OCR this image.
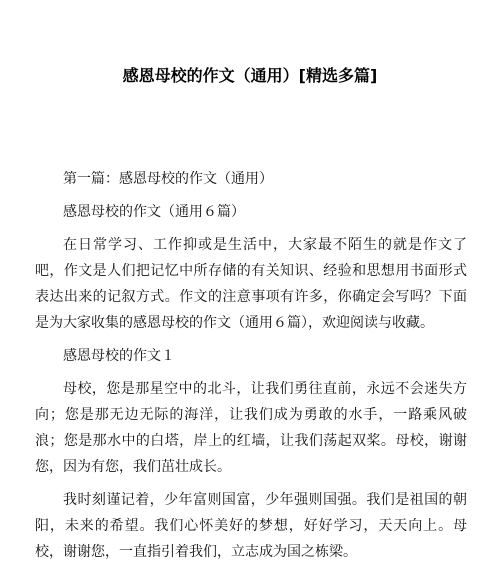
感恩母校的作文（通用）[精选多篇]

第一篇：感恩母校的作文（通用）

感恩母校的作文（通用６篇）

在日常学习、工作抑或是生活中，大家最不陌生的就是作文了吧，作文是人们把记忆中所存储的有关知识、经验和思想用书面形式表达出来的记叙方式。作文的注意事项有许多，你确定会写吗？下面是为大家收集的感恩母校的作文（通用６篇），欢迎阅读与收藏。

感恩母校的作文１

母校，您是那星空中的北斗，让我们勇往直前，永远不会迷失方向；您是那无边无际的海洋，让我们成为勇敢的水手，一路乘风破浪；您是那水中的白塔，岸上的红墙，让我们荡起双桨。母校，谢谢您，因为有您，我们茁壮成长。

我时刻谨记着，少年富则国富，少年强则国强。我们是祖国的朝阳，未来的希望。我们心怀美好的梦想，好好学习，天天向上。母校，谢谢您，一直指引着我们，立志成为国之栋梁。
